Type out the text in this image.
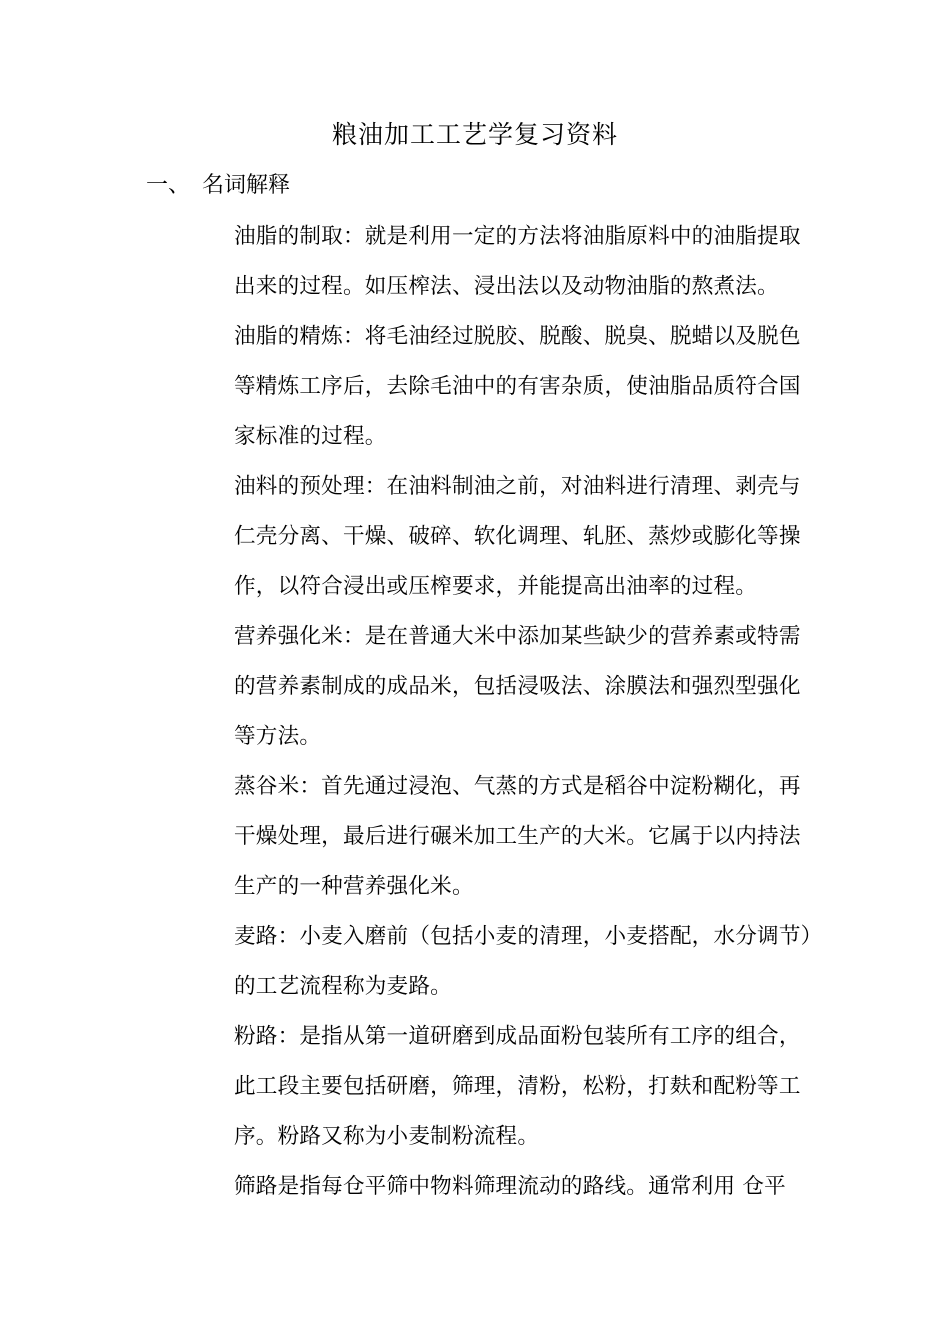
粮油加工工艺学复习资料
一、 名词解释
油脂的制取：就是利用一定的方法将油脂原料中的油脂提取
出来的过程。如压榨法、浸出法以及动物油脂的熬煮法。
油脂的精炼：将毛油经过脱胶、脱酸、脱臭、脱蜡以及脱色
等精炼工序后，去除毛油中的有害杂质，使油脂品质符合国
家标准的过程。
油料的预处理：在油料制油之前，对油料进行清理、剥壳与
仁壳分离、干燥、破碎、软化调理、轧胚、蒸炒或膨化等操
作，以符合浸出或压榨要求，并能提高出油率的过程。
营养强化米：是在普通大米中添加某些缺少的营养素或特需
的营养素制成的成品米，包括浸吸法、涂膜法和强烈型强化
等方法。
蒸谷米：首先通过浸泡、气蒸的方式是稻谷中淀粉糊化，再
干燥处理，最后进行碾米加工生产的大米。它属于以内持法
生产的一种营养强化米。
麦路：小麦入磨前（包括小麦的清理，小麦搭配，水分调节）
的工艺流程称为麦路。
粉路：是指从第一道研磨到成品面粉包装所有工序的组合，
此工段主要包括研磨，筛理，清粉，松粉，打麸和配粉等工
序。粉路又称为小麦制粉流程。
筛路是指每仓平筛中物料筛理流动的路线。通常利用 仓平
